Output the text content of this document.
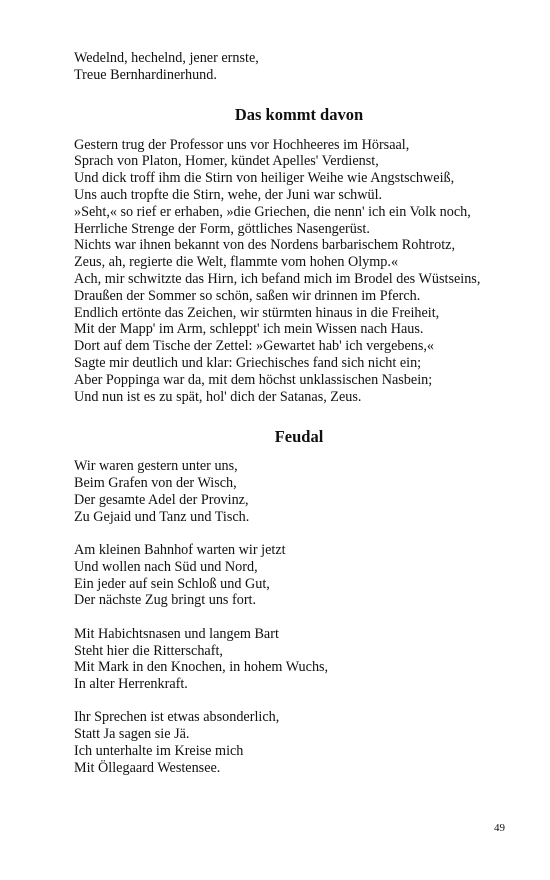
Wedelnd, hechelnd, jener ernste,
Treue Bernhardinerhund.
Das kommt davon
Gestern trug der Professor uns vor Hochheeres im Hörsaal,
Sprach von Platon, Homer, kündet Apelles' Verdienst,
Und dick troff ihm die Stirn von heiliger Weihe wie Angstschweiß,
Uns auch tropfte die Stirn, wehe, der Juni war schwül.
»Seht,« so rief er erhaben, »die Griechen, die nenn' ich ein Volk noch,
Herrliche Strenge der Form, göttliches Nasengerüst.
Nichts war ihnen bekannt von des Nordens barbarischem Rohtrotz,
Zeus, ah, regierte die Welt, flammte vom hohen Olymp.«
Ach, mir schwitzte das Hirn, ich befand mich im Brodel des Wüstseins,
Draußen der Sommer so schön, saßen wir drinnen im Pferch.
Endlich ertönte das Zeichen, wir stürmten hinaus in die Freiheit,
Mit der Mapp' im Arm, schleppt' ich mein Wissen nach Haus.
Dort auf dem Tische der Zettel: »Gewartet hab' ich vergebens,«
Sagte mir deutlich und klar: Griechisches fand sich nicht ein;
Aber Poppinga war da, mit dem höchst unklassischen Nasbein;
Und nun ist es zu spät, hol' dich der Satanas, Zeus.
Feudal
Wir waren gestern unter uns,
Beim Grafen von der Wisch,
Der gesamte Adel der Provinz,
Zu Gejaid und Tanz und Tisch.
Am kleinen Bahnhof warten wir jetzt
Und wollen nach Süd und Nord,
Ein jeder auf sein Schloß und Gut,
Der nächste Zug bringt uns fort.
Mit Habichtsnasen und langem Bart
Steht hier die Ritterschaft,
Mit Mark in den Knochen, in hohem Wuchs,
In alter Herrenkraft.
Ihr Sprechen ist etwas absonderlich,
Statt Ja sagen sie Jä.
Ich unterhalte im Kreise mich
Mit Öllegaard Westensee.
49
